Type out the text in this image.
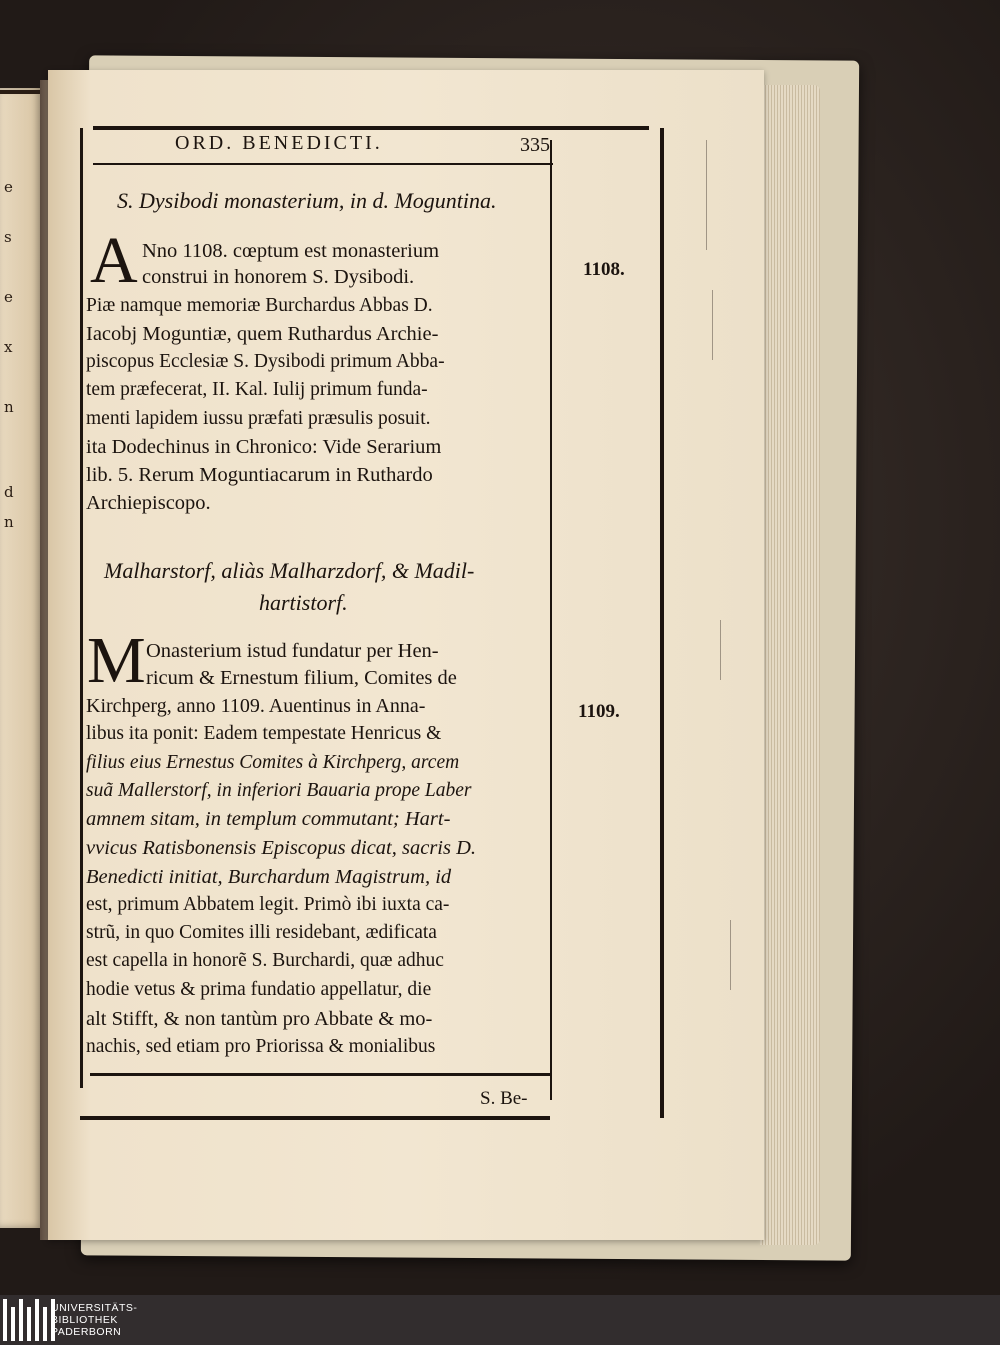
e
s
e
x
n
d
n
ORD. BENEDICTI.	335
S. Dysibodi monasterium, in d. Moguntina.
A Nno 1108. cœptum est monasterium
construi in honorem S. Dysibodi.
Piæ namque memoriæ Burchardus Abbas D.
Iacobj Moguntiæ, quem Ruthardus Archie-
piscopus Ecclesiæ S. Dysibodi primum Abba-
tem præfecerat, II. Kal. Iulij primum funda-
menti lapidem iussu præfati præsulis posuit.
ita Dodechinus in Chronico: Vide Serarium
lib. 5. Rerum Moguntiacarum in Ruthardo
Archiepiscopo.
Malharstorf, aliàs Malharzdorf, & Madil-
hartistorf.
M Onasterium istud fundatur per Hen-
ricum & Ernestum filium, Comites de
Kirchperg, anno 1109. Auentinus in Anna-
libus ita ponit: Eadem tempestate Henricus &
filius eius Ernestus Comites à Kirchperg, arcem
suã Mallerstorf, in inferiori Bauaria prope Laber
amnem sitam, in templum commutant; Hart-
vvicus Ratisbonensis Episcopus dicat, sacris D.
Benedicti initiat, Burchardum Magistrum, id
est, primum Abbatem legit. Primò ibi iuxta ca-
strũ, in quo Comites illi residebant, ædificata
est capella in honorẽ S. Burchardi, quæ adhuc
hodie vetus & prima fundatio appellatur, die
alt Stifft, & non tantùm pro Abbate & mo-
nachis, sed etiam pro Priorissa & monialibus
S. Be-
1108.
1109.
UNIVERSITÄTS-
BIBLIOTHEK
PADERBORN
